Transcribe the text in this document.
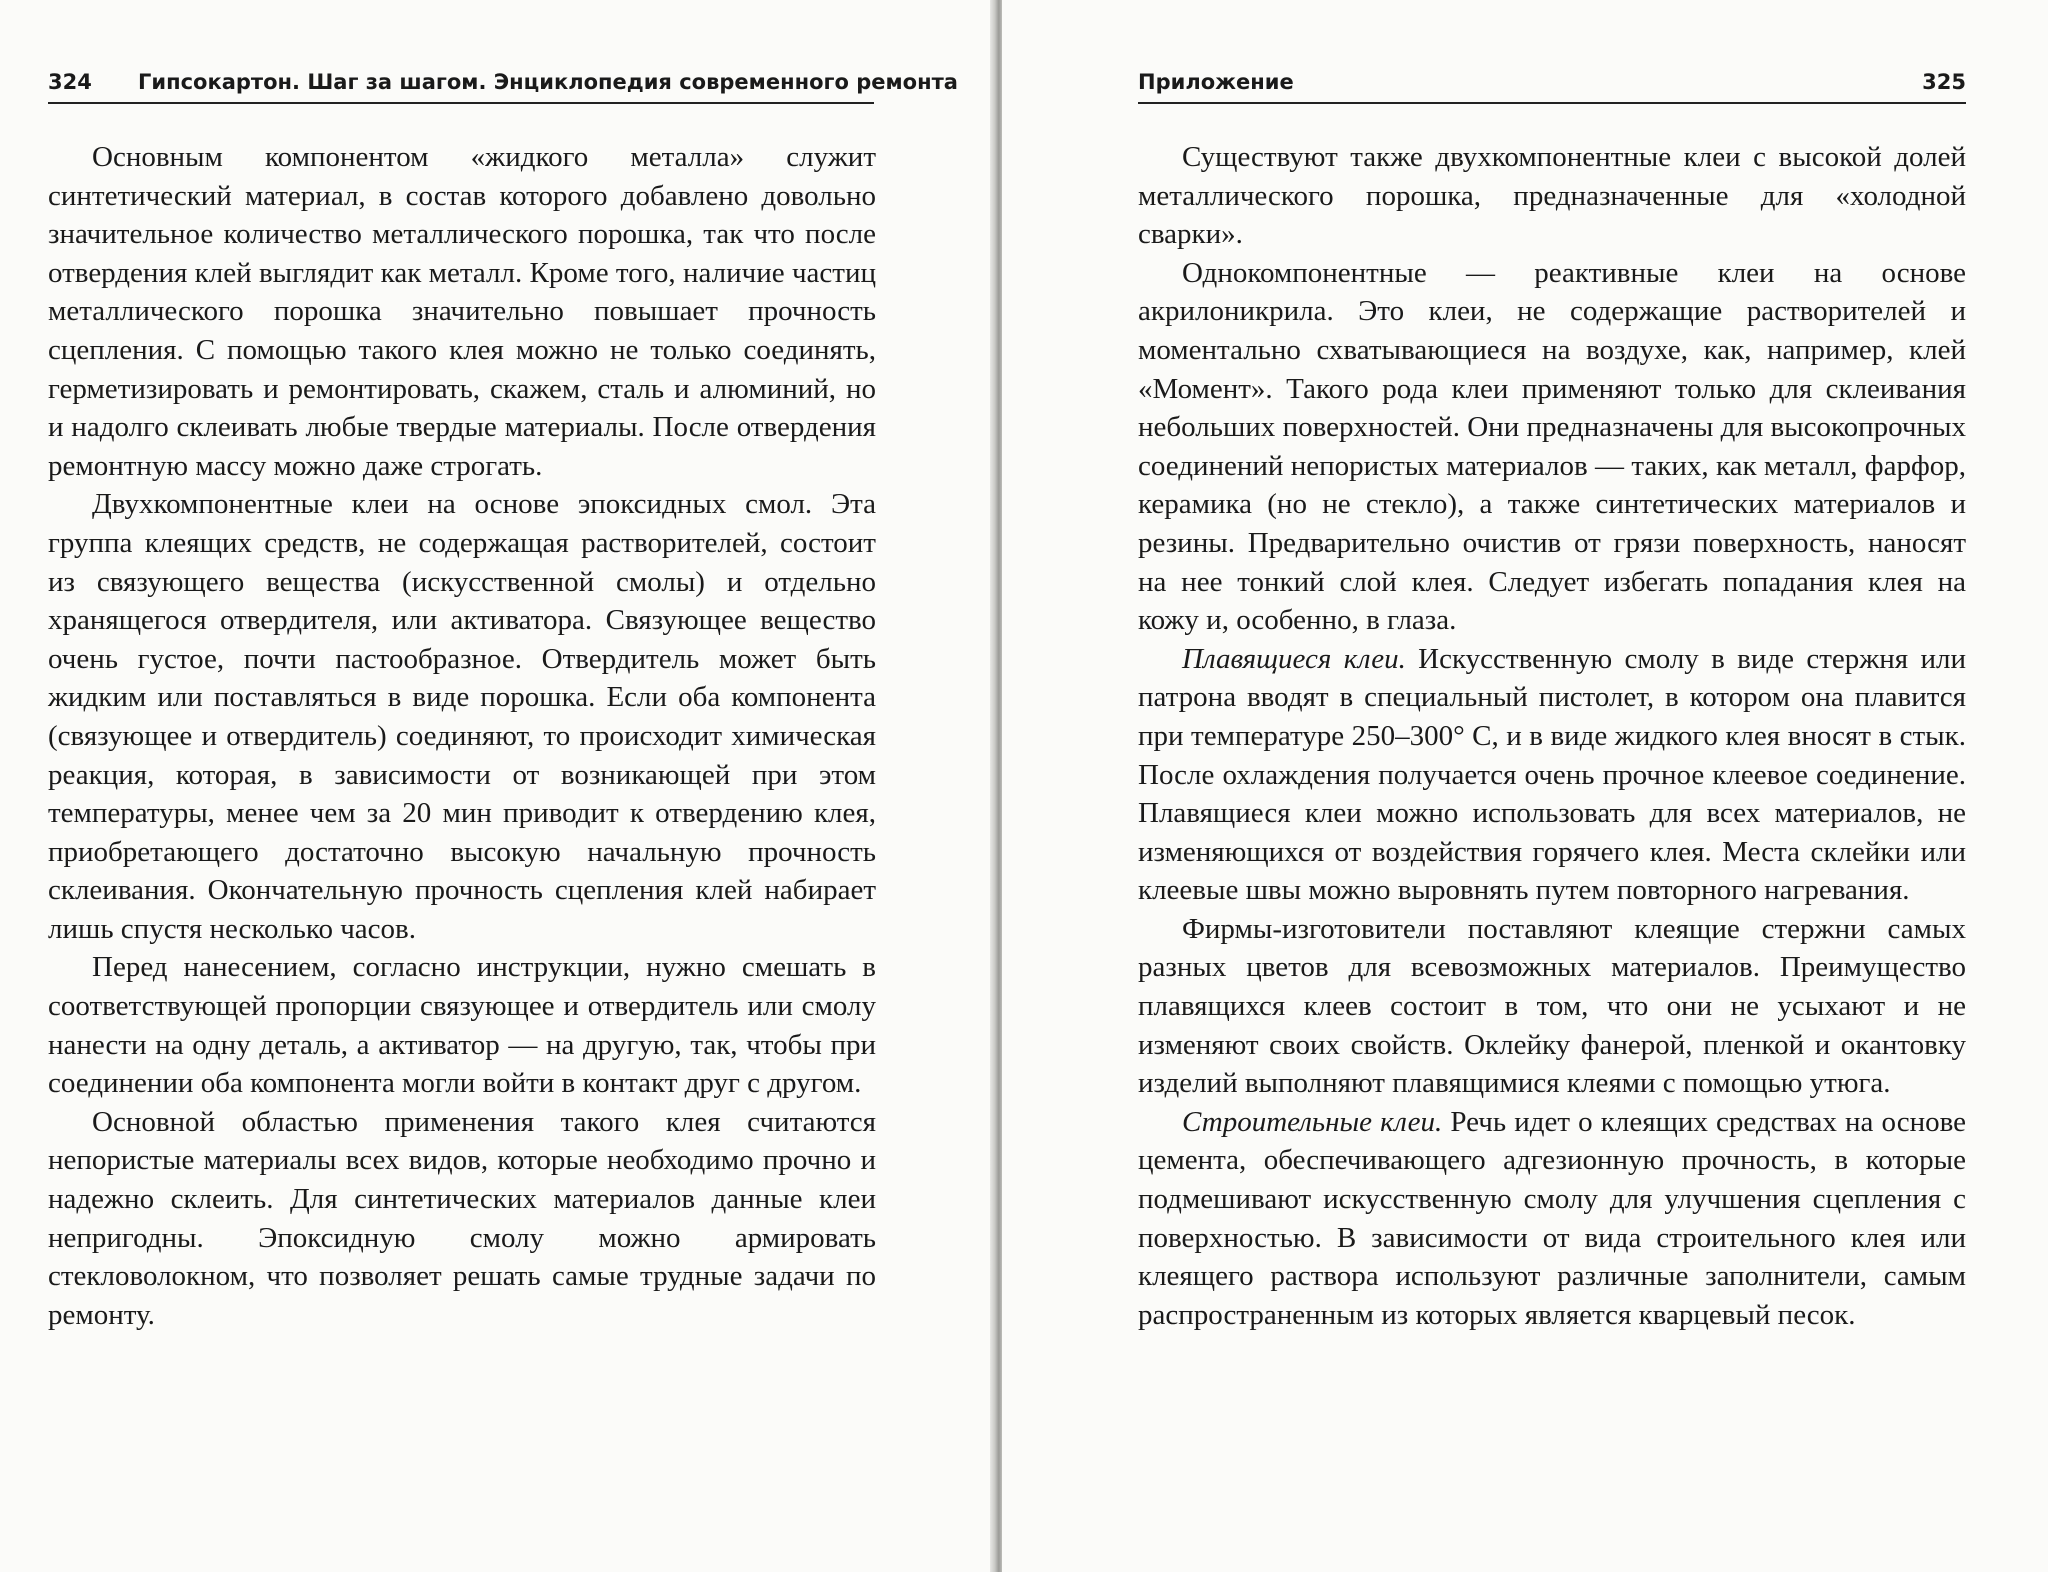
324 Гипсокартон. Шаг за шагом. Энциклопедия современного ремонта

Основным компонентом «жидкого металла» служит синтетический материал, в состав которого добавлено довольно значительное количество металлического порошка, так что после отвердения клей выглядит как металл. Кроме того, наличие частиц металлического порошка значительно повышает прочность сцепления. С помощью такого клея можно не только соединять, герметизировать и ремонтировать, скажем, сталь и алюминий, но и надолго склеивать любые твердые материалы. После отвердения ремонтную массу можно даже строгать.

Двухкомпонентные клеи на основе эпоксидных смол. Эта группа клеящих средств, не содержащая растворителей, состоит из связующего вещества (искусственной смолы) и отдельно хранящегося отвердителя, или активатора. Связующее вещество очень густое, почти пастообразное. Отвердитель может быть жидким или поставляться в виде порошка. Если оба компонента (связующее и отвердитель) соединяют, то происходит химическая реакция, которая, в зависимости от возникающей при этом температуры, менее чем за 20 мин приводит к отвердению клея, приобретающего достаточно высокую начальную прочность склеивания. Окончательную прочность сцепления клей набирает лишь спустя несколько часов.

Перед нанесением, согласно инструкции, нужно смешать в соответствующей пропорции связующее и отвердитель или смолу нанести на одну деталь, а активатор — на другую, так, чтобы при соединении оба компонента могли войти в контакт друг с другом.

Основной областью применения такого клея считаются непористые материалы всех видов, которые необходимо прочно и надежно склеить. Для синтетических материалов данные клеи непригодны. Эпоксидную смолу можно армировать стекловолокном, что позволяет решать самые трудные задачи по ремонту.

Приложение	325

Существуют также двухкомпонентные клеи с высокой долей металлического порошка, предназначенные для «холодной сварки».

Однокомпонентные — реактивные клеи на основе акрилоникрила. Это клеи, не содержащие растворителей и моментально схватывающиеся на воздухе, как, например, клей «Момент». Такого рода клеи применяют только для склеивания небольших поверхностей. Они предназначены для высокопрочных соединений непористых материалов — таких, как металл, фарфор, керамика (но не стекло), а также синтетических материалов и резины. Предварительно очистив от грязи поверхность, наносят на нее тонкий слой клея. Следует избегать попадания клея на кожу и, особенно, в глаза.

Плавящиеся клеи. Искусственную смолу в виде стержня или патрона вводят в специальный пистолет, в котором она плавится при температуре 250–300° С, и в виде жидкого клея вносят в стык. После охлаждения получается очень прочное клеевое соединение. Плавящиеся клеи можно использовать для всех материалов, не изменяющихся от воздействия горячего клея. Места склейки или клеевые швы можно выровнять путем повторного нагревания.

Фирмы-изготовители поставляют клеящие стержни самых разных цветов для всевозможных материалов. Преимущество плавящихся клеев состоит в том, что они не усыхают и не изменяют своих свойств. Оклейку фанерой, пленкой и окантовку изделий выполняют плавящимися клеями с помощью утюга.

Строительные клеи. Речь идет о клеящих средствах на основе цемента, обеспечивающего адгезионную прочность, в которые подмешивают искусственную смолу для улучшения сцепления с поверхностью. В зависимости от вида строительного клея или клеящего раствора используют различные заполнители, самым распространенным из которых является кварцевый песок.
